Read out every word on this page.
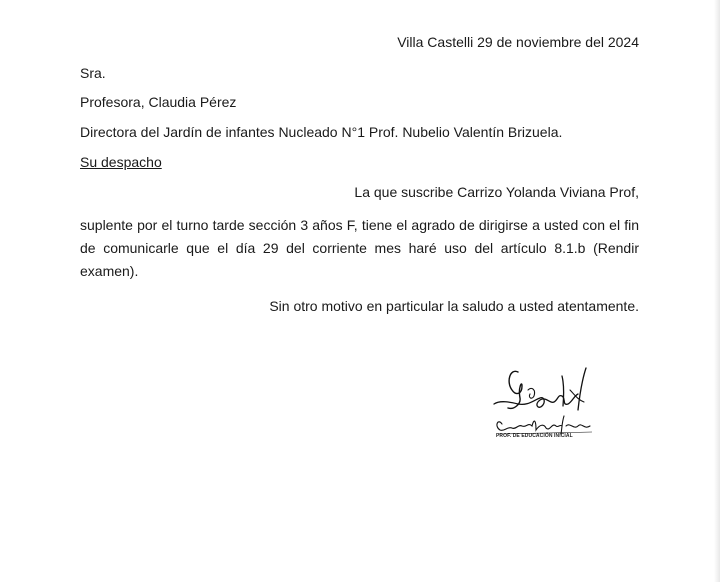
Villa Castelli 29 de noviembre del 2024
Sra.
Profesora, Claudia Pérez
Directora del Jardín de infantes Nucleado N°1 Prof. Nubelio Valentín Brizuela.
Su despacho
La que suscribe Carrizo Yolanda Viviana Prof,
suplente por el turno tarde sección 3 años F, tiene el agrado de dirigirse a usted con el fin
de comunicarle que el día 29 del corriente mes haré uso del artículo 8.1.b (Rendir examen).
Sin otro motivo en particular la saludo a usted atentamente.
PROF. DE EDUCACIÓN INICIAL
